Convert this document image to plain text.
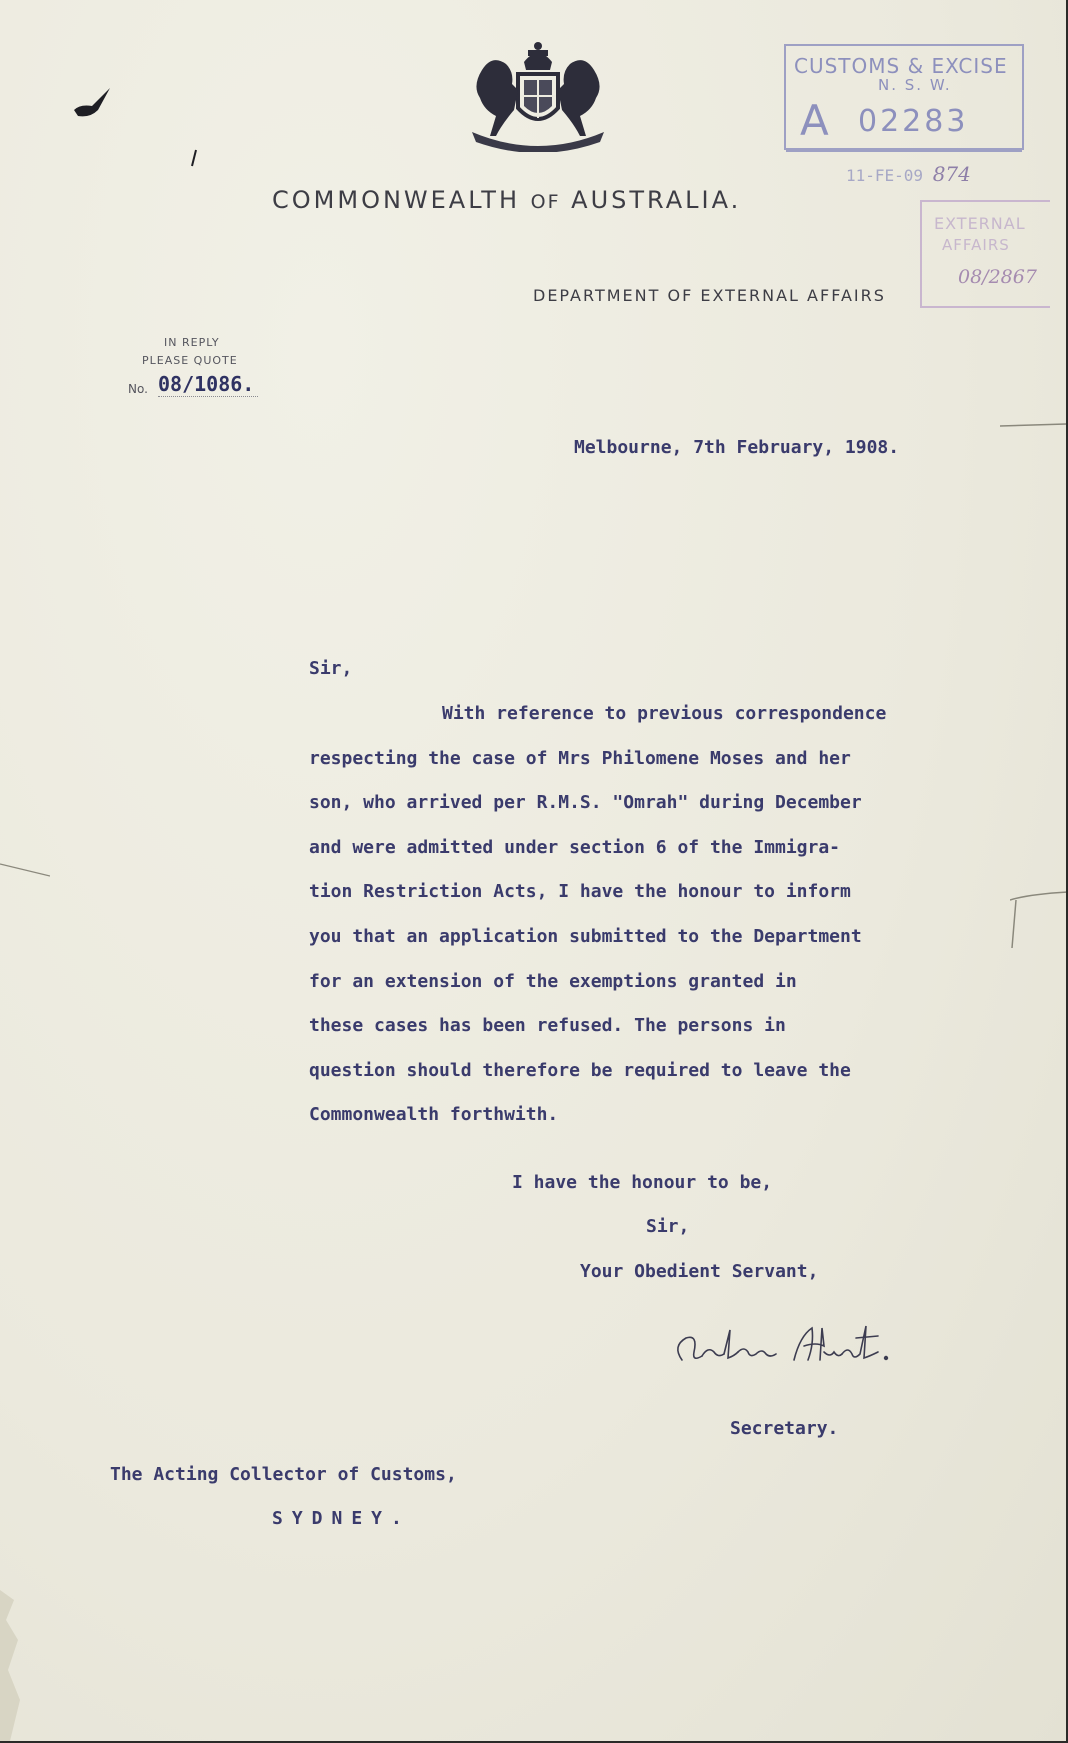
COMMONWEALTH OF AUSTRALIA.
DEPARTMENT OF EXTERNAL AFFAIRS
CUSTOMS & EXCISE
N. S. W.
A 02283
11-FE-09 874
EXTERNAL
AFFAIRS
08/2867
IN REPLY
PLEASE QUOTE
No. 08/1086.
Melbourne, 7th February, 1908.
Sir,
With reference to previous correspondence
respecting the case of Mrs Philomene Moses and her
son, who arrived per R.M.S. "Omrah" during December
and were admitted under section 6 of the Immigra-
tion Restriction Acts, I have the honour to inform
you that an application submitted to the Department
for an extension of the exemptions granted in
these cases has been refused. The persons in
question should therefore be required to leave the
Commonwealth forthwith.
I have the honour to be,
Sir,
Your Obedient Servant,
Secretary.
The Acting Collector of Customs,
SYDNEY.
